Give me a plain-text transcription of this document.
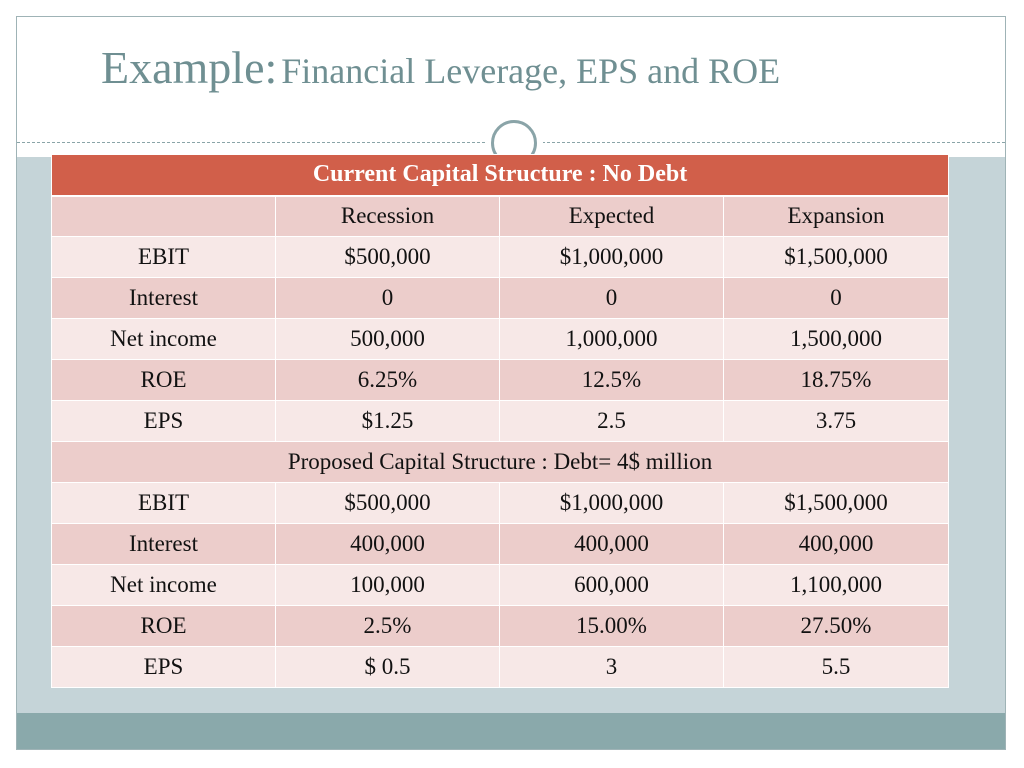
Example: Financial Leverage, EPS and ROE
Current Capital Structure : No Debt			
	Recession	Expected	Expansion
EBIT	$500,000	$1,000,000	$1,500,000
Interest	0	0	0
Net income	500,000	1,000,000	1,500,000
ROE	6.25%	12.5%	18.75%
EPS	$1.25	2.5	3.75
Proposed Capital Structure : Debt= 4$ million			
EBIT	$500,000	$1,000,000	$1,500,000
Interest	400,000	400,000	400,000
Net income	100,000	600,000	1,100,000
ROE	2.5%	15.00%	27.50%
EPS	$ 0.5	3	5.5
